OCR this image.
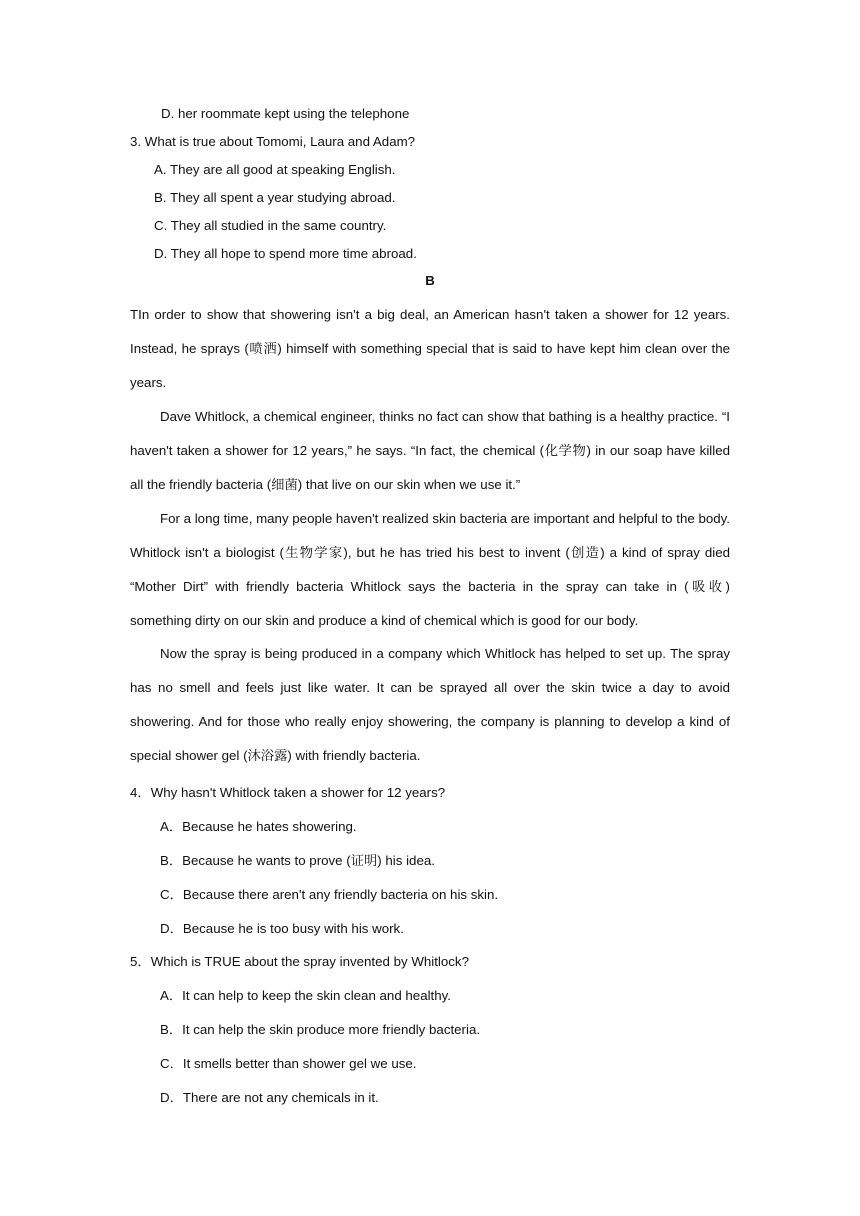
D. her roommate kept using the telephone
3. What is true about Tomomi, Laura and Adam?
A. They are all good at speaking English.
B. They all spent a year studying abroad.
C. They all studied in the same country.
D. They all hope to spend more time abroad.
B

TIn order to show that showering isn't a big deal, an American hasn't taken a shower for 12 years. Instead, he sprays (喷洒) himself with something special that is said to have kept him clean over the years.

Dave Whitlock, a chemical engineer, thinks no fact can show that bathing is a healthy practice. “I haven't taken a shower for 12 years,” he says. “In fact, the chemical (化学物) in our soap have killed all the friendly bacteria (细菌) that live on our skin when we use it.”

For a long time, many people haven't realized skin bacteria are important and helpful to the body. Whitlock isn't a biologist (生物学家), but he has tried his best to invent (创造) a kind of spray died “Mother Dirt” with friendly bacteria Whitlock says the bacteria in the spray can take in (吸收) something dirty on our skin and produce a kind of chemical which is good for our body.

Now the spray is being produced in a company which Whitlock has helped to set up. The spray has no smell and feels just like water. It can be sprayed all over the skin twice a day to avoid showering. And for those who really enjoy showering, the company is planning to develop a kind of special shower gel (沐浴露) with friendly bacteria.

4．Why hasn't Whitlock taken a shower for 12 years?
A．Because he hates showering.
B．Because he wants to prove (证明) his idea.
C．Because there aren't any friendly bacteria on his skin.
D．Because he is too busy with his work.
5．Which is TRUE about the spray invented by Whitlock?
A．It can help to keep the skin clean and healthy.
B．It can help the skin produce more friendly bacteria.
C．It smells better than shower gel we use.
D．There are not any chemicals in it.
